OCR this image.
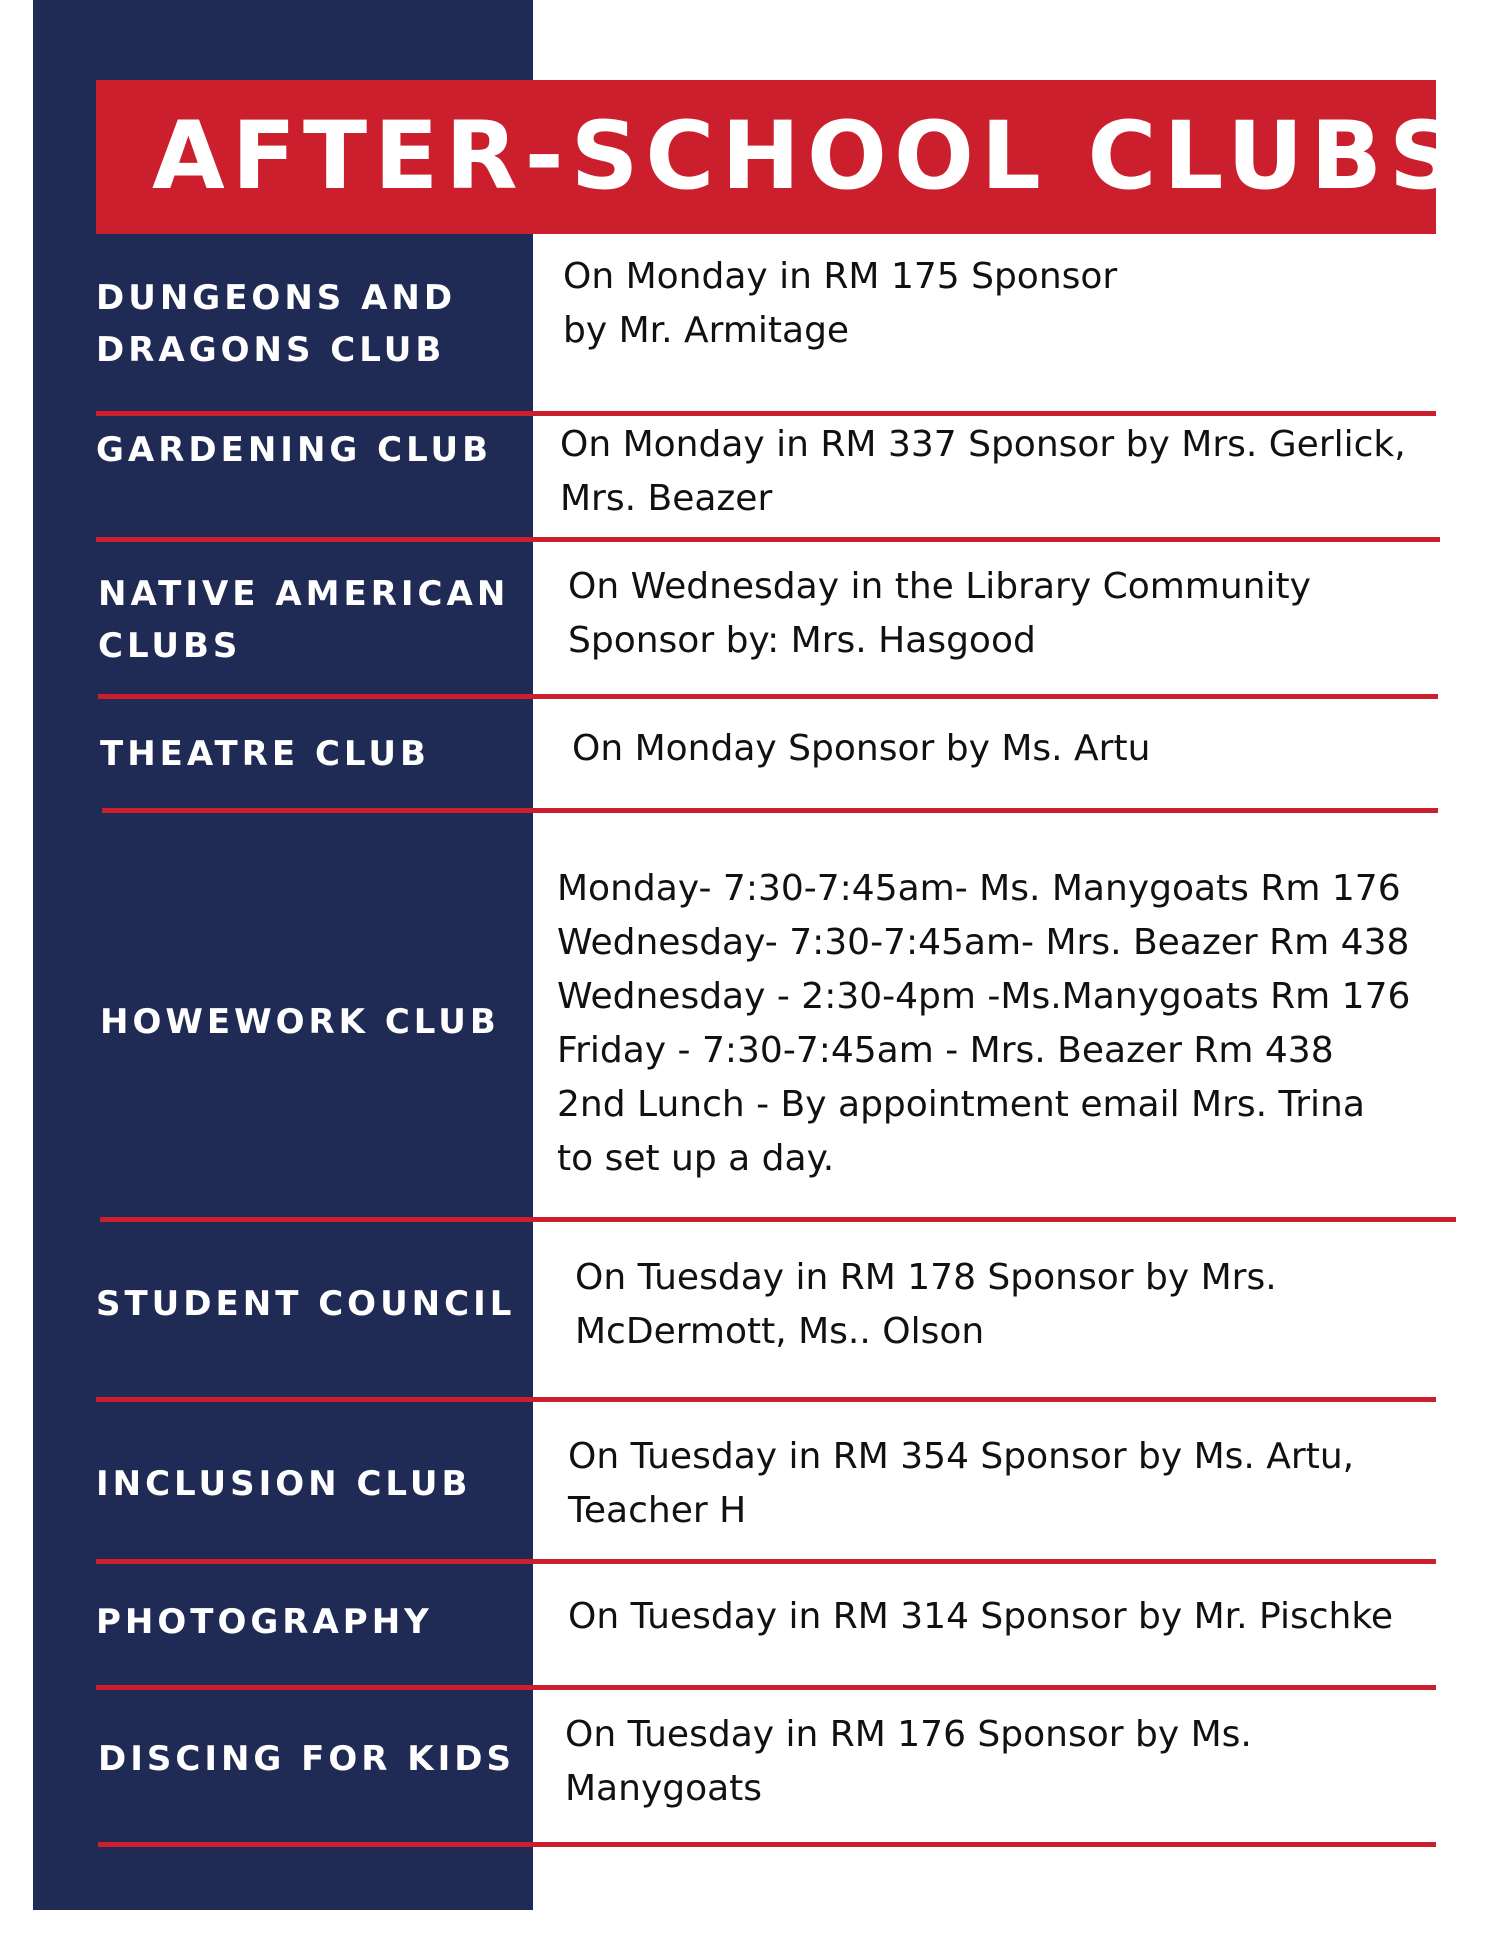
AFTER-SCHOOL CLUBS
DUNGEONS AND
DRAGONS CLUB
On Monday in RM 175 Sponsor
by Mr. Armitage
GARDENING CLUB On Monday in RM 337 Sponsor by Mrs. Gerlick,
Mrs. Beazer
NATIVE AMERICAN
CLUBS
On Wednesday in the Library Community
Sponsor by: Mrs. Hasgood
THEATRE CLUB	On Monday Sponsor by Ms. Artu
HOWEWORK CLUB
Monday- 7:30-7:45am- Ms. Manygoats Rm 176
Wednesday- 7:30-7:45am- Mrs. Beazer Rm 438
Wednesday - 2:30-4pm -Ms.Manygoats Rm 176
Friday - 7:30-7:45am - Mrs. Beazer Rm 438
2nd Lunch - By appointment email Mrs. Trina
to set up a day.
STUDENT COUNCIL
On Tuesday in RM 178 Sponsor by Mrs.
McDermott, Ms.. Olson
INCLUSION CLUB
On Tuesday in RM 354 Sponsor by Ms. Artu,
Teacher H
PHOTOGRAPHY	On Tuesday in RM 314 Sponsor by Mr. Pischke
DISCING FOR KIDS
On Tuesday in RM 176 Sponsor by Ms.
Manygoats
